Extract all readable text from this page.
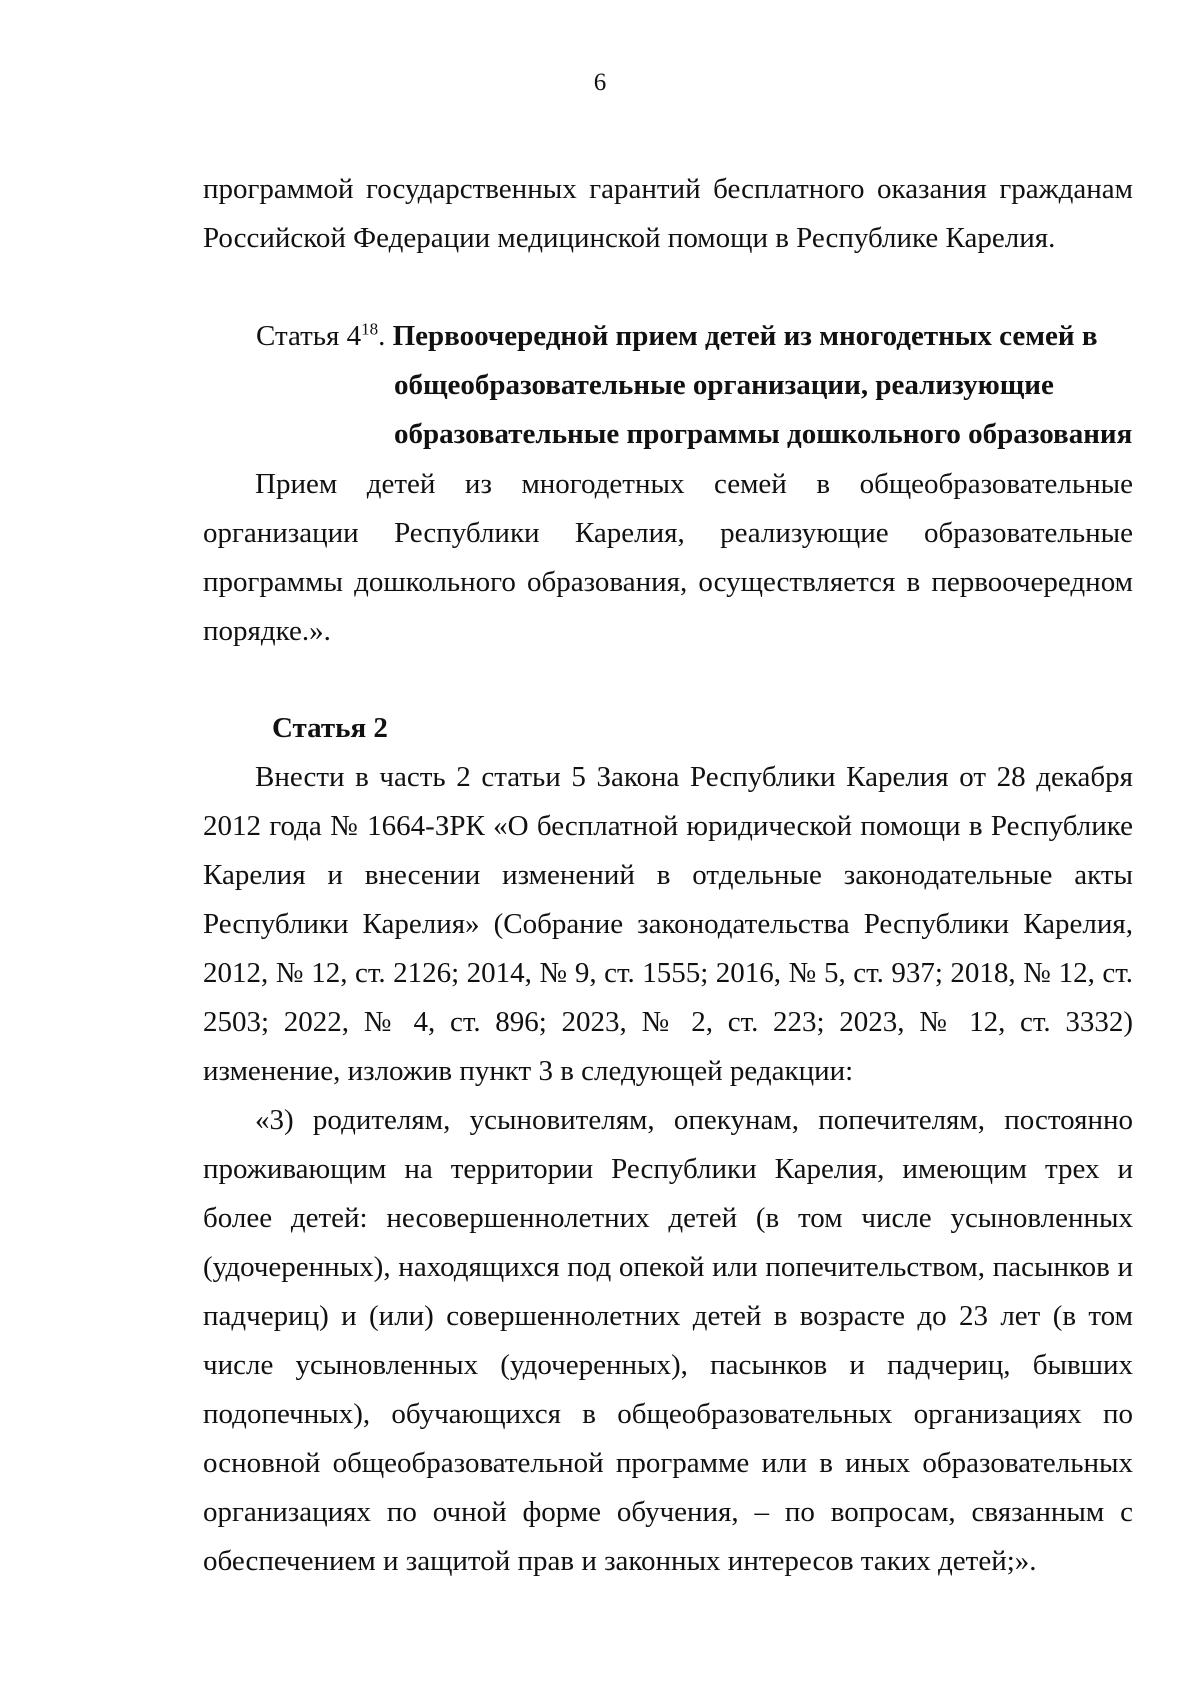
6

программой государственных гарантий бесплатного оказания гражданам Российской Федерации медицинской помощи в Республике Карелия.

Статья $4^{18}$. Первоочередной прием детей из многодетных семей в
общеобразовательные организации, реализующие
образовательные программы дошкольного образования

Прием детей из многодетных семей в общеобразовательные организации Республики Карелия, реализующие образовательные программы дошкольного образования, осуществляется в первоочередном порядке.».

Статья 2

Внести в часть 2 статьи 5 Закона Республики Карелия от 28 декабря 2012 года № 1664-ЗРК «О бесплатной юридической помощи в Республике Карелия и внесении изменений в отдельные законодательные акты Республики Карелия» (Собрание законодательства Республики Карелия, 2012, № 12, ст. 2126; 2014, № 9, ст. 1555; 2016, № 5, ст. 937; 2018, № 12, ст. 2503; 2022, № 4, ст. 896; 2023, № 2, ст. 223; 2023, № 12, ст. 3332) изменение, изложив пункт 3 в следующей редакции:

«3) родителям, усыновителям, опекунам, попечителям, постоянно проживающим на территории Республики Карелия, имеющим трех и более детей: несовершеннолетних детей (в том числе усыновленных (удочеренных), находящихся под опекой или попечительством, пасынков и падчериц) и (или) совершеннолетних детей в возрасте до 23 лет (в том числе усыновленных (удочеренных), пасынков и падчериц, бывших подопечных), обучающихся в общеобразовательных организациях по основной общеобразовательной программе или в иных образовательных организациях по очной форме обучения, – по вопросам, связанным с обеспечением и защитой прав и законных интересов таких детей;».
